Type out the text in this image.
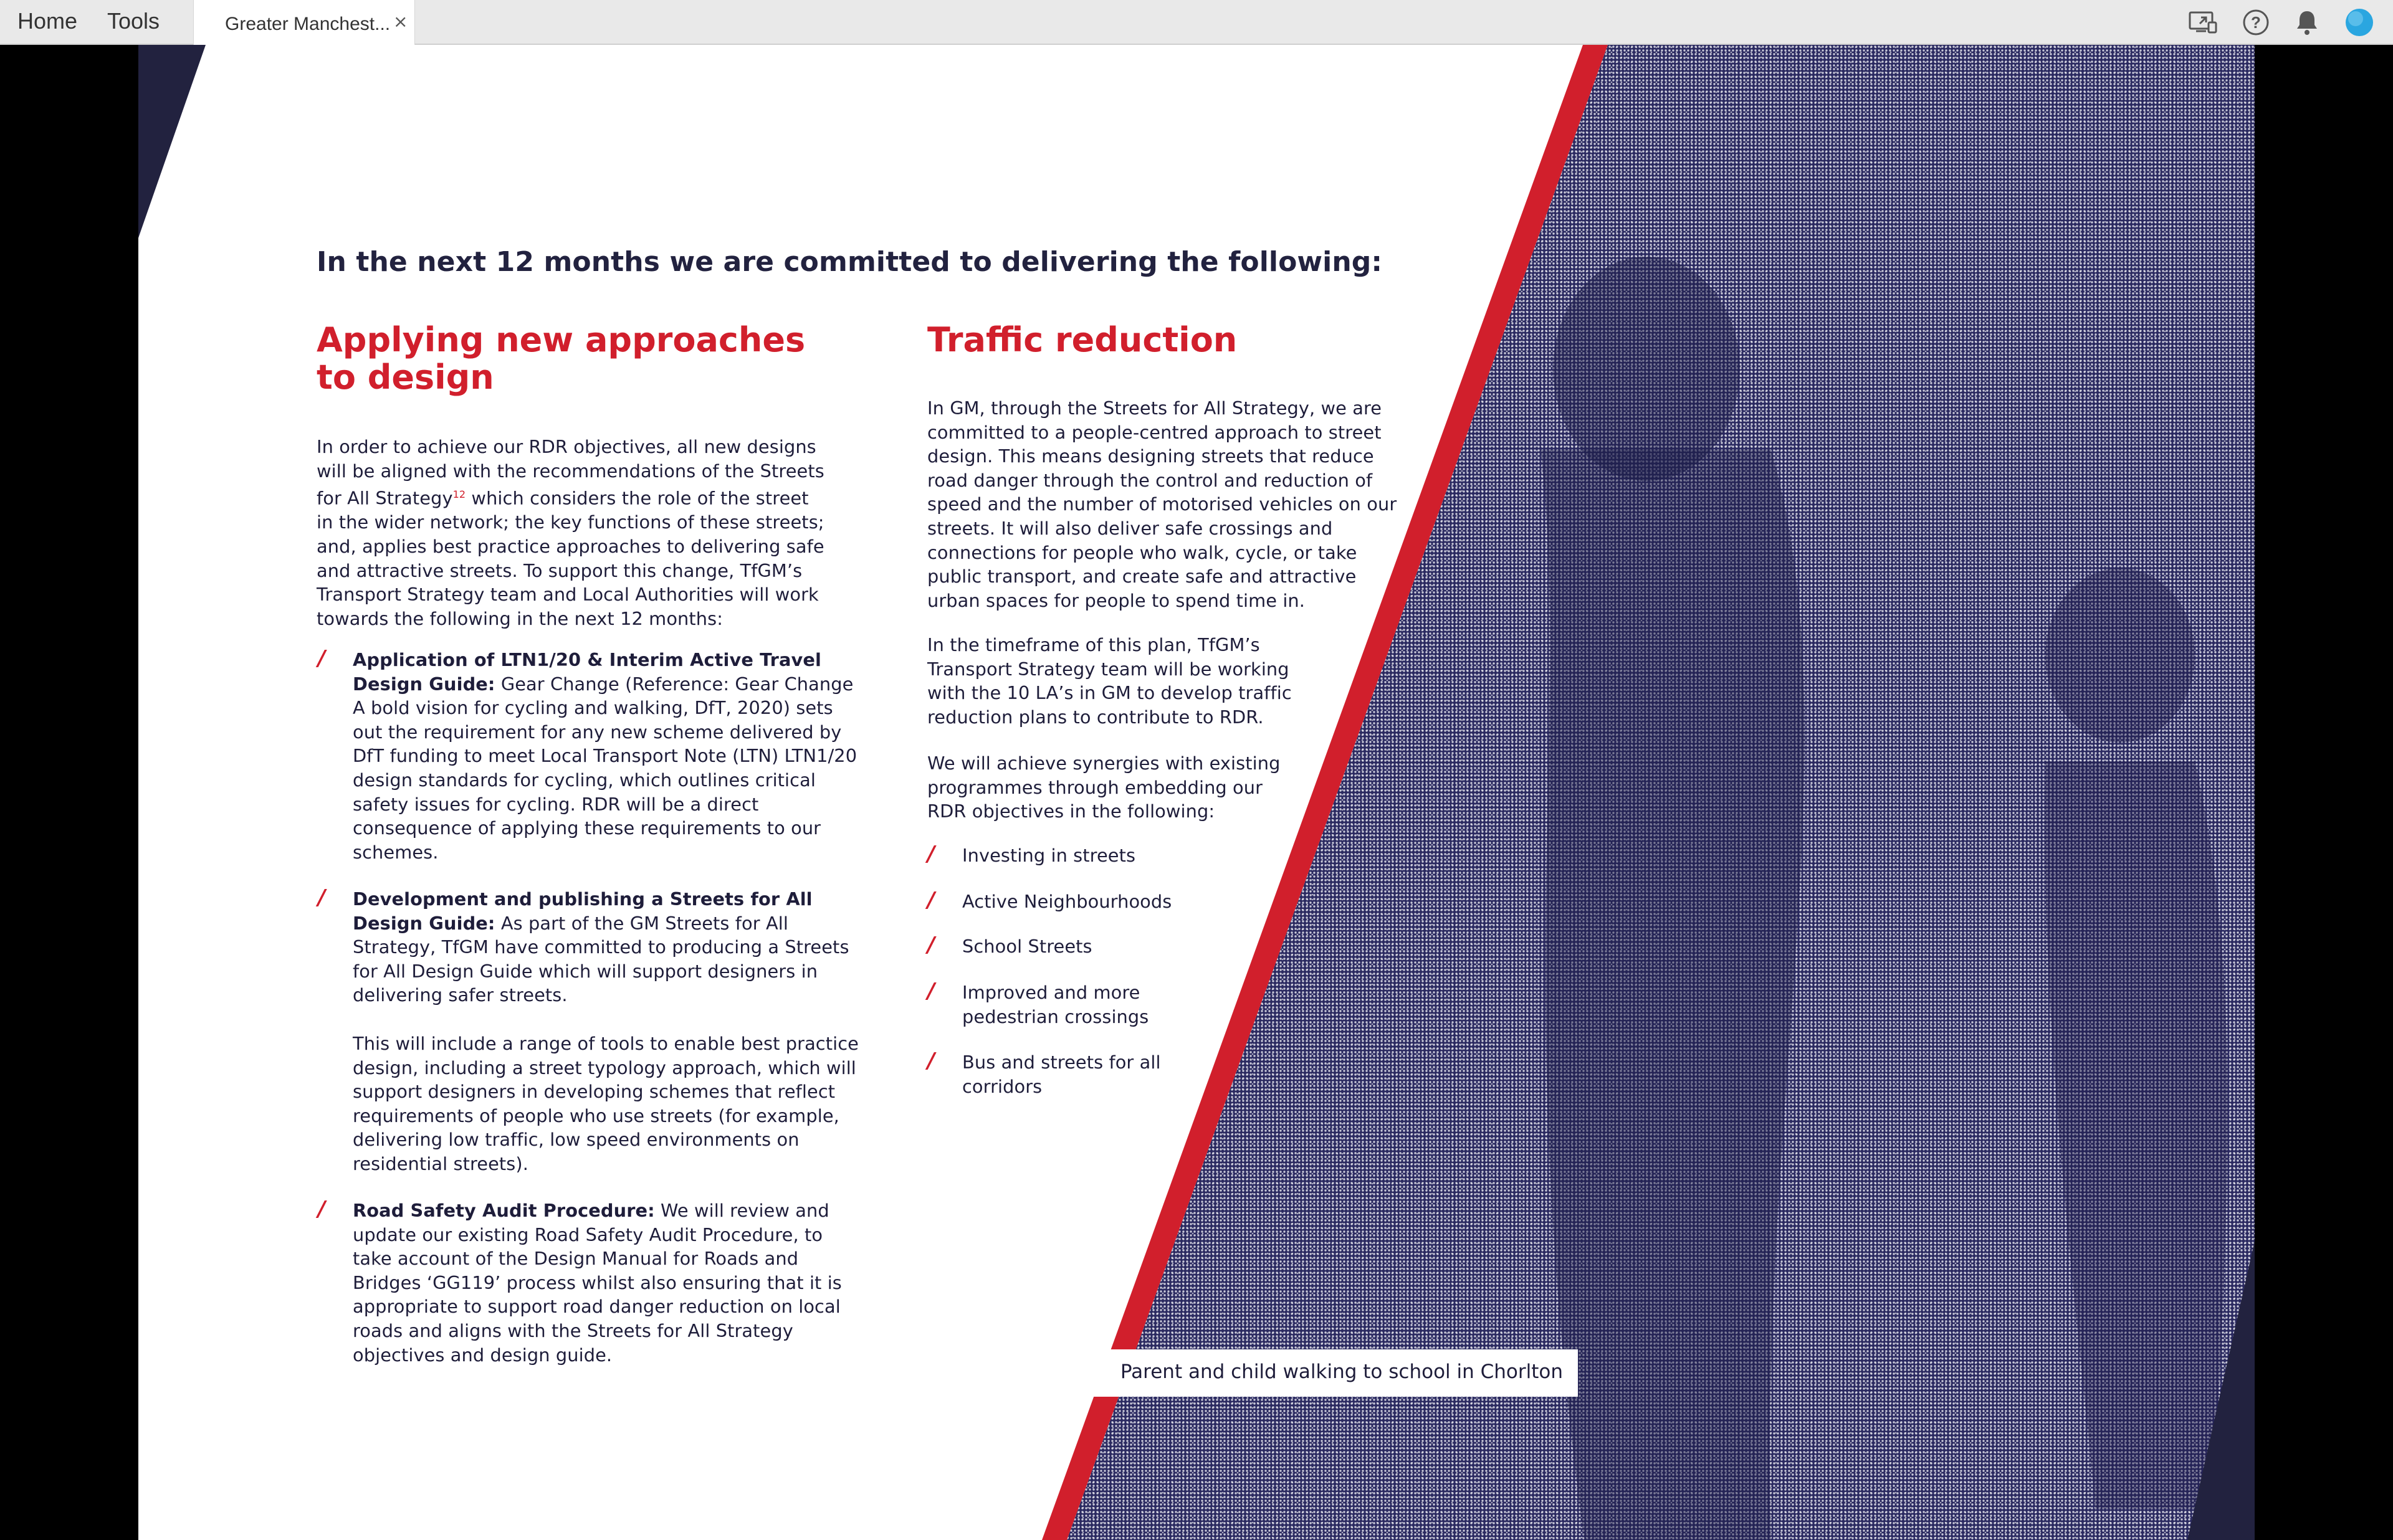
Home Tools	Greater Manchest... ×	?
In the next 12 months we are committed to delivering the following:
Applying new approaches
to design
In order to achieve our RDR objectives, all new designs
will be aligned with the recommendations of the Streets
for All Strategy$^{12}$ which considers the role of the street
in the wider network; the key functions of these streets;
and, applies best practice approaches to delivering safe
and attractive streets. To support this change, TfGM’s
Transport Strategy team and Local Authorities will work
towards the following in the next 12 months:
/ Application of LTN1/20 & Interim Active Travel Design Guide: Gear Change (Reference: Gear Change A bold vision for cycling and walking, DfT, 2020) sets out the requirement for any new scheme delivered by DfT funding to meet Local Transport Note (LTN) LTN1/20 design standards for cycling, which outlines critical safety issues for cycling. RDR will be a direct consequence of applying these requirements to our schemes.
/ Development and publishing a Streets for All Design Guide: As part of the GM Streets for All Strategy, TfGM have committed to producing a Streets for All Design Guide which will support designers in delivering safer streets.
This will include a range of tools to enable best practice design, including a street typology approach, which will support designers in developing schemes that reflect requirements of people who use streets (for example, delivering low traffic, low speed environments on residential streets).
/ Road Safety Audit Procedure: We will review and update our existing Road Safety Audit Procedure, to take account of the Design Manual for Roads and Bridges ‘GG119’ process whilst also ensuring that it is appropriate to support road danger reduction on local roads and aligns with the Streets for All Strategy objectives and design guide.
Traffic reduction
In GM, through the Streets for All Strategy, we are committed to a people-centred approach to street design. This means designing streets that reduce road danger through the control and reduction of speed and the number of motorised vehicles on our streets. It will also deliver safe crossings and connections for people who walk, cycle, or take public transport, and create safe and attractive urban spaces for people to spend time in.
In the timeframe of this plan, TfGM’s Transport Strategy team will be working with the 10 LA’s in GM to develop traffic reduction plans to contribute to RDR.
We will achieve synergies with existing programmes through embedding our RDR objectives in the following:
/ Investing in streets
/ Active Neighbourhoods
/ School Streets
/ Improved and more pedestrian crossings
/ Bus and streets for all corridors
Parent and child walking to school in Chorlton
